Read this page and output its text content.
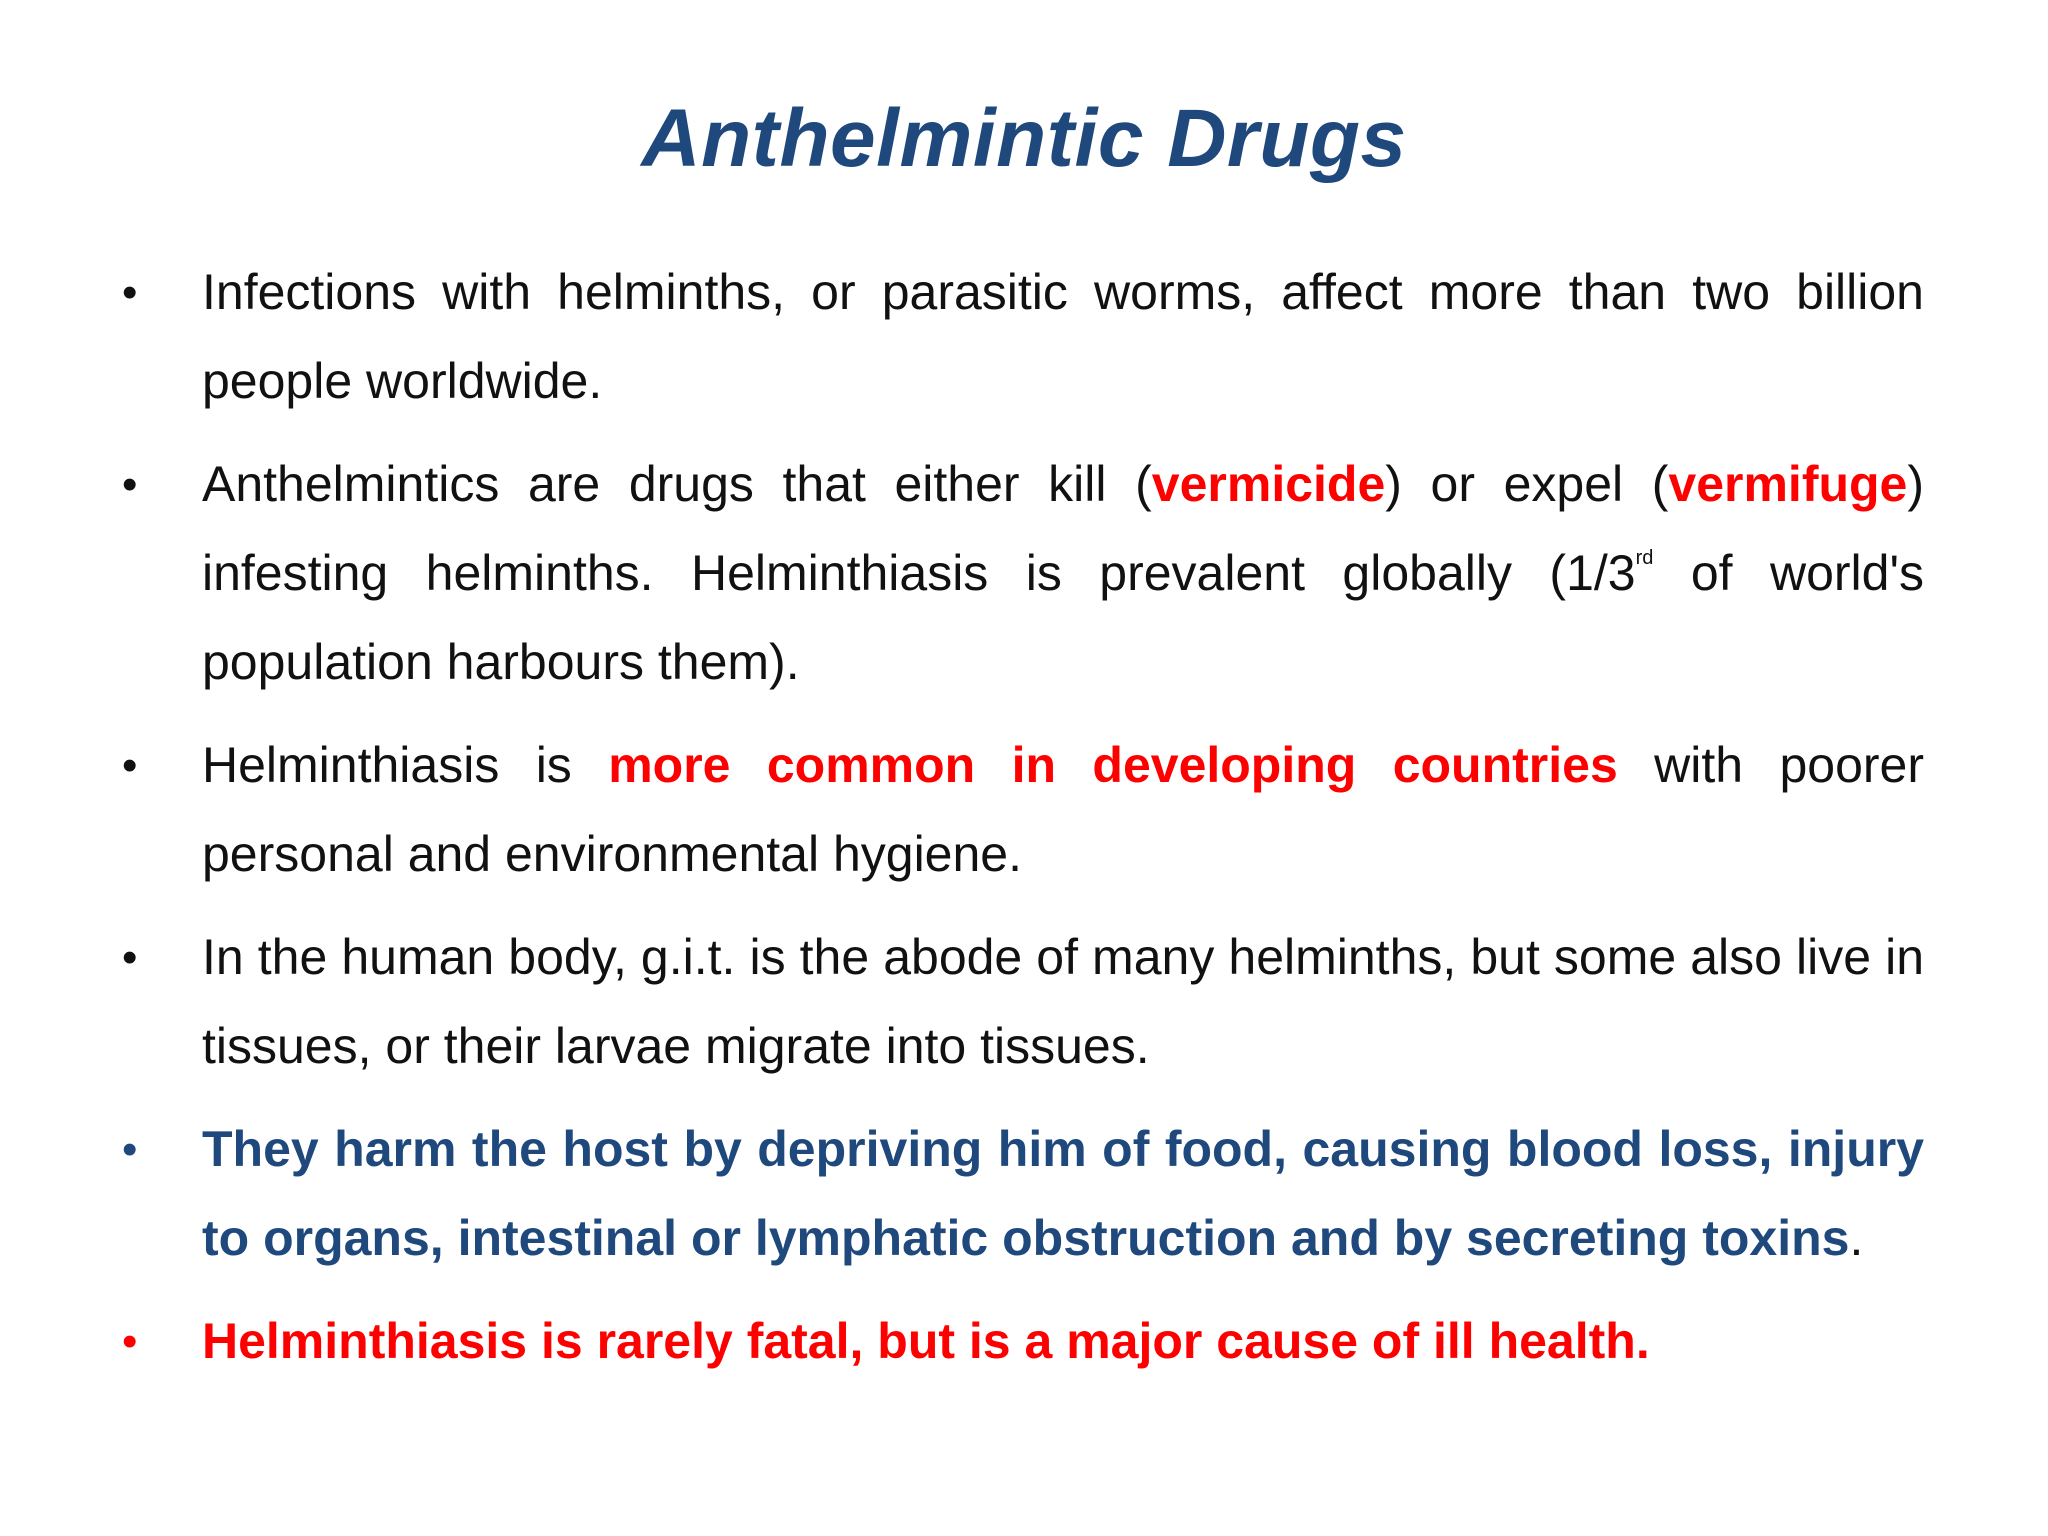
Anthelmintic Drugs
• Infections with helminths, or parasitic worms, affect more than two billion people worldwide.
• Anthelmintics are drugs that either kill (vermicide) or expel (vermifuge) infesting helminths. Helminthiasis is prevalent globally (1/3rd of world's population harbours them).
• Helminthiasis is more common in developing countries with poorer personal and environmental hygiene.
• In the human body, g.i.t. is the abode of many helminths, but some also live in tissues, or their larvae migrate into tissues.
• They harm the host by depriving him of food, causing blood loss, injury to organs, intestinal or lymphatic obstruction and by secreting toxins.
• Helminthiasis is rarely fatal, but is a major cause of ill health.
